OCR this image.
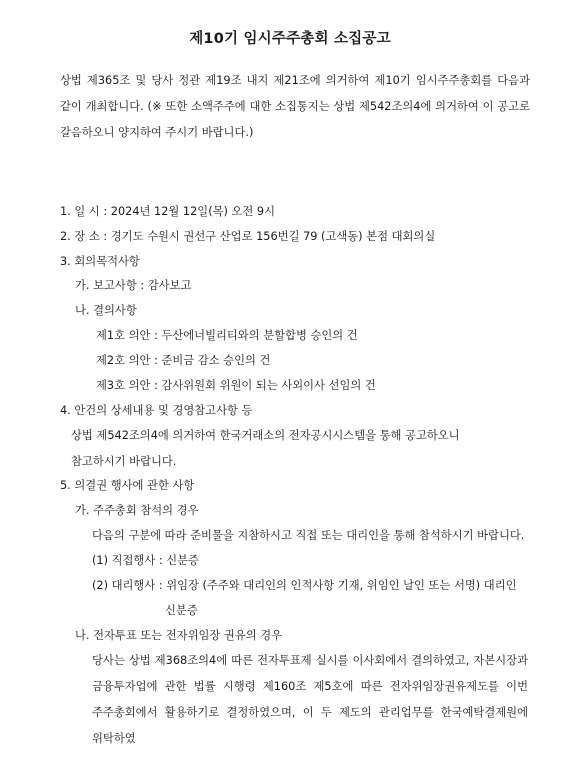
제10기 임시주주총회 소집공고
상법 제365조 및 당사 정관 제19조 내지 제21조에 의거하여 제10기 임시주주총회를 다음과 같이 개최합니다. (※ 또한 소액주주에 대한 소집통지는 상법 제542조의4에 의거하여 이 공고로 갈음하오니 양지하여 주시기 바랍니다.)
1. 일 시 : 2024년 12월 12일(목) 오전 9시
2. 장 소 : 경기도 수원시 권선구 산업로 156번길 79 (고색동) 본점 대회의실
3. 회의목적사항
가. 보고사항 : 감사보고
나. 결의사항
제1호 의안 : 두산에너빌리티와의 분할합병 승인의 건
제2호 의안 : 준비금 감소 승인의 건
제3호 의안 : 감사위원회 위원이 되는 사외이사 선임의 건
4. 안건의 상세내용 및 경영참고사항 등
상법 제542조의4에 의거하여 한국거래소의 전자공시시스템을 통해 공고하오니 참고하시기 바랍니다.
5. 의결권 행사에 관한 사항
가. 주주총회 참석의 경우
다음의 구분에 따라 준비물을 지참하시고 직접 또는 대리인을 통해 참석하시기 바랍니다.
(1) 직접행사 : 신분증
(2) 대리행사 : 위임장 (주주와 대리인의 인적사항 기재, 위임인 날인 또는 서명) 대리인
신분증
나. 전자투표 또는 전자위임장 권유의 경우
당사는 상법 제368조의4에 따른 전자투표제 실시를 이사회에서 결의하였고, 자본시장과 금융투자업에 관한 법률 시행령 제160조 제5호에 따른 전자위임장권유제도를 이번 주주총회에서 활용하기로 결정하였으며, 이 두 제도의 관리업무를 한국예탁결제원에 위탁하였
